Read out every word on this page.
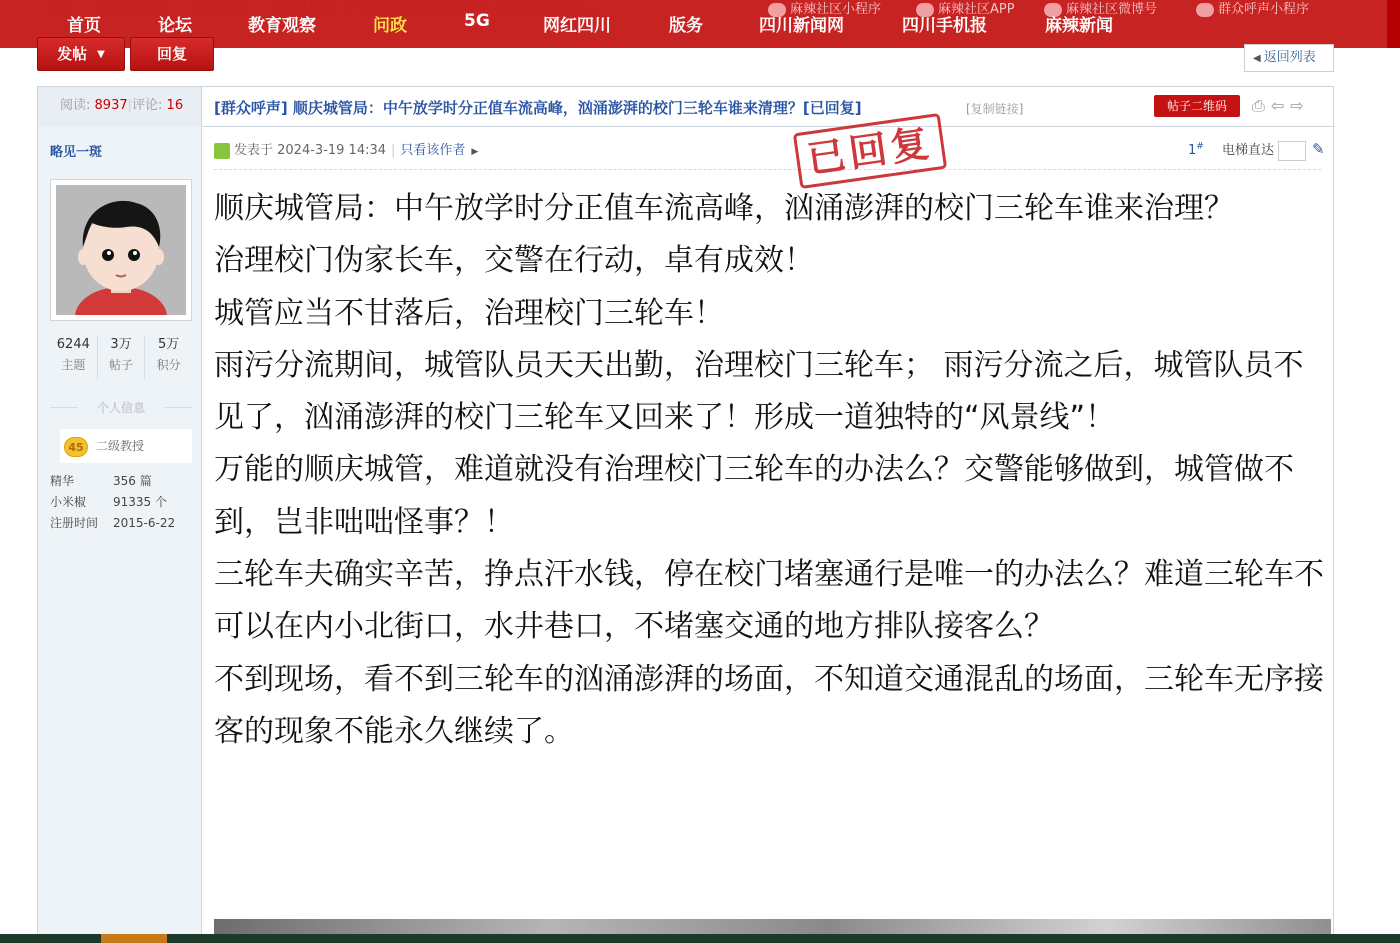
麻辣社区小程序	麻辣社区APP	麻辣社区微博号	群众呼声小程序
首页	论坛	教育观察	问政	5G	网红四川	版务	四川新闻网	四川手机报	麻辣新闻
发帖 ▼	回复	◀ 返回列表
略见一斑
6244
主题
3万
帖子
5万
积分
个人信息
45 二级教授
精华	356 篇
小米椒 91335 个
注册时间 2015-6-22
阅读: 8937|评论: 16	[群众呼声] 顺庆城管局：中午放学时分正值车流高峰，汹涌澎湃的校门三轮车谁来清理？[已回复]	[复制链接]	帖子二维码	⎙ ⇦ ⇨
发表于 2024-3-19 14:34 | 只看该作者 ▶	1# 电梯直达	✎
已回复

顺庆城管局：中午放学时分正值车流高峰，汹涌澎湃的校门三轮车谁来治理？

治理校门伪家长车，交警在行动，卓有成效！

城管应当不甘落后，治理校门三轮车！

雨污分流期间，城管队员天天出勤，治理校门三轮车； 雨污分流之后，城管队员不见了，汹涌澎湃的校门三轮车又回来了！形成一道独特的“风景线”！

万能的顺庆城管，难道就没有治理校门三轮车的办法么？交警能够做到，城管做不到，岂非咄咄怪事？！

三轮车夫确实辛苦，挣点汗水钱，停在校门堵塞通行是唯一的办法么？难道三轮车不可以在内小北街口，水井巷口，不堵塞交通的地方排队接客么？

不到现场，看不到三轮车的汹涌澎湃的场面，不知道交通混乱的场面，三轮车无序接客的现象不能永久继续了。
